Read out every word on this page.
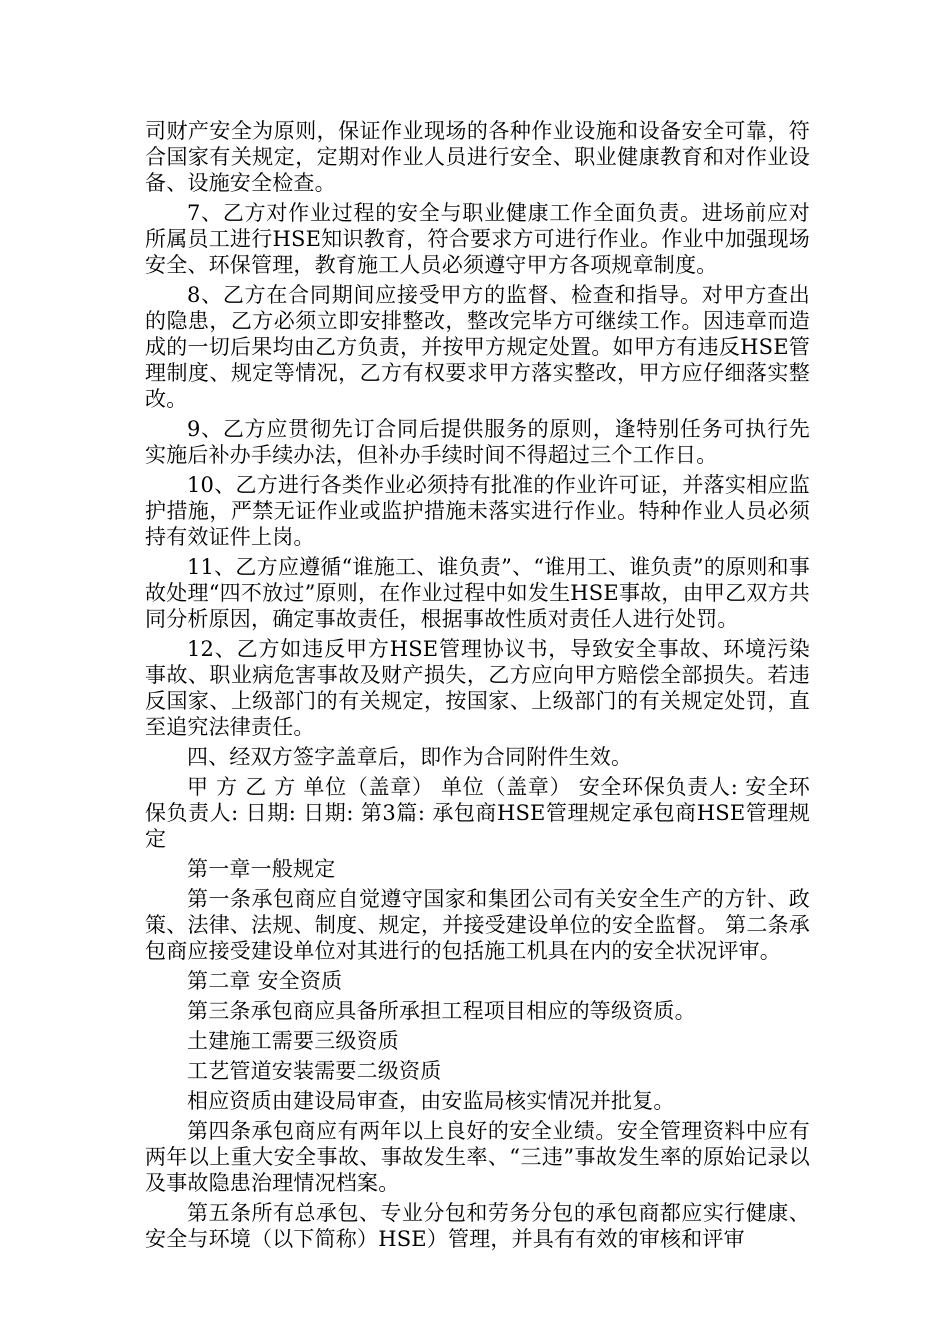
司财产安全为原则，保证作业现场的各种作业设施和设备安全可靠，符合国家有关规定，定期对作业人员进行安全、职业健康教育和对作业设备、设施安全检查。

7、乙方对作业过程的安全与职业健康工作全面负责。进场前应对所属员工进行HSE知识教育，符合要求方可进行作业。作业中加强现场安全、环保管理，教育施工人员必须遵守甲方各项规章制度。

8、乙方在合同期间应接受甲方的监督、检查和指导。对甲方查出的隐患，乙方必须立即安排整改，整改完毕方可继续工作。因违章而造成的一切后果均由乙方负责，并按甲方规定处置。如甲方有违反HSE管理制度、规定等情况，乙方有权要求甲方落实整改，甲方应仔细落实整改。

9、乙方应贯彻先订合同后提供服务的原则，逢特别任务可执行先实施后补办手续办法，但补办手续时间不得超过三个工作日。

10、乙方进行各类作业必须持有批准的作业许可证，并落实相应监护措施，严禁无证作业或监护措施未落实进行作业。特种作业人员必须持有效证件上岗。

11、乙方应遵循“谁施工、谁负责”、“谁用工、谁负责”的原则和事故处理“四不放过”原则，在作业过程中如发生HSE事故，由甲乙双方共同分析原因，确定事故责任，根据事故性质对责任人进行处罚。

12、乙方如违反甲方HSE管理协议书，导致安全事故、环境污染事故、职业病危害事故及财产损失，乙方应向甲方赔偿全部损失。若违反国家、上级部门的有关规定，按国家、上级部门的有关规定处罚，直至追究法律责任。

四、经双方签字盖章后，即作为合同附件生效。

甲 方 乙 方 单位（盖章） 单位（盖章） 安全环保负责人: 安全环保负责人: 日期: 日期: 第3篇: 承包商HSE管理规定承包商HSE管理规定

第一章一般规定

第一条承包商应自觉遵守国家和集团公司有关安全生产的方针、政策、法律、法规、制度、规定，并接受建设单位的安全监督。 第二条承包商应接受建设单位对其进行的包括施工机具在内的安全状况评审。

第二章 安全资质

第三条承包商应具备所承担工程项目相应的等级资质。

土建施工需要三级资质

工艺管道安装需要二级资质

相应资质由建设局审查，由安监局核实情况并批复。

第四条承包商应有两年以上良好的安全业绩。安全管理资料中应有两年以上重大安全事故、事故发生率、“三违”事故发生率的原始记录以及事故隐患治理情况档案。

第五条所有总承包、专业分包和劳务分包的承包商都应实行健康、安全与环境（以下简称）HSE）管理，并具有有效的审核和评审
